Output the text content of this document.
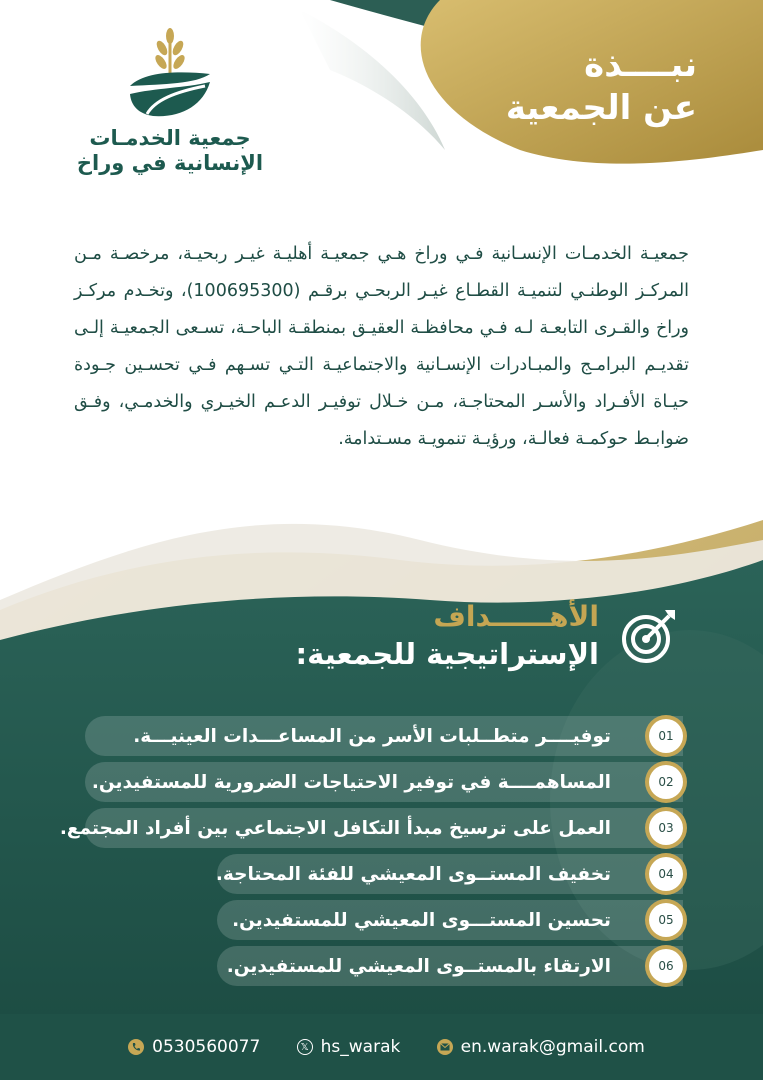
جمعية الخدمـات
الإنسانية في وراخ
نبــــذة
عن الجمعية

جمعيـة الخدمـات الإنسـانية فـي وراخ هـي جمعيـة أهليـة غيـر ربحيـة، مرخصـة مـن المركـز الوطنـي لتنميـة القطـاع غيـر الربحـي برقـم (100695300)، وتخـدم مركـز وراخ والقـرى التابعـة لـه فـي محافظـة العقيـق بمنطقـة الباحـة، تسـعى الجمعيـة إلـى تقديـم البرامـج والمبـادرات الإنسـانية والاجتماعيـة التـي تسـهم فـي تحسـين جـودة حيـاة الأفـراد والأسـر المحتاجـة، مـن خـلال توفيـر الدعـم الخيـري والخدمـي، وفـق ضوابـط حوكمـة فعالـة، ورؤيـة تنمويـة مسـتدامة.

الأهــــــداف
الإستراتيجية للجمعية:
01
توفيــــر متطــلبات الأسر من المساعـــدات العينيـــة.
02
المساهمــــة في توفير الاحتياجات الضرورية للمستفيدين.
03
العمل على ترسيخ مبدأ التكافل الاجتماعي بين أفراد المجتمع.
04
تخفيف المستــوى المعيشي للفئة المحتاجة.
05
تحسين المستـــوى المعيشي للمستفيدين.
06
الارتقاء بالمستــوى المعيشي للمستفيدين.
0530560077	𝕏 hs_warak	en.warak@gmail.com
